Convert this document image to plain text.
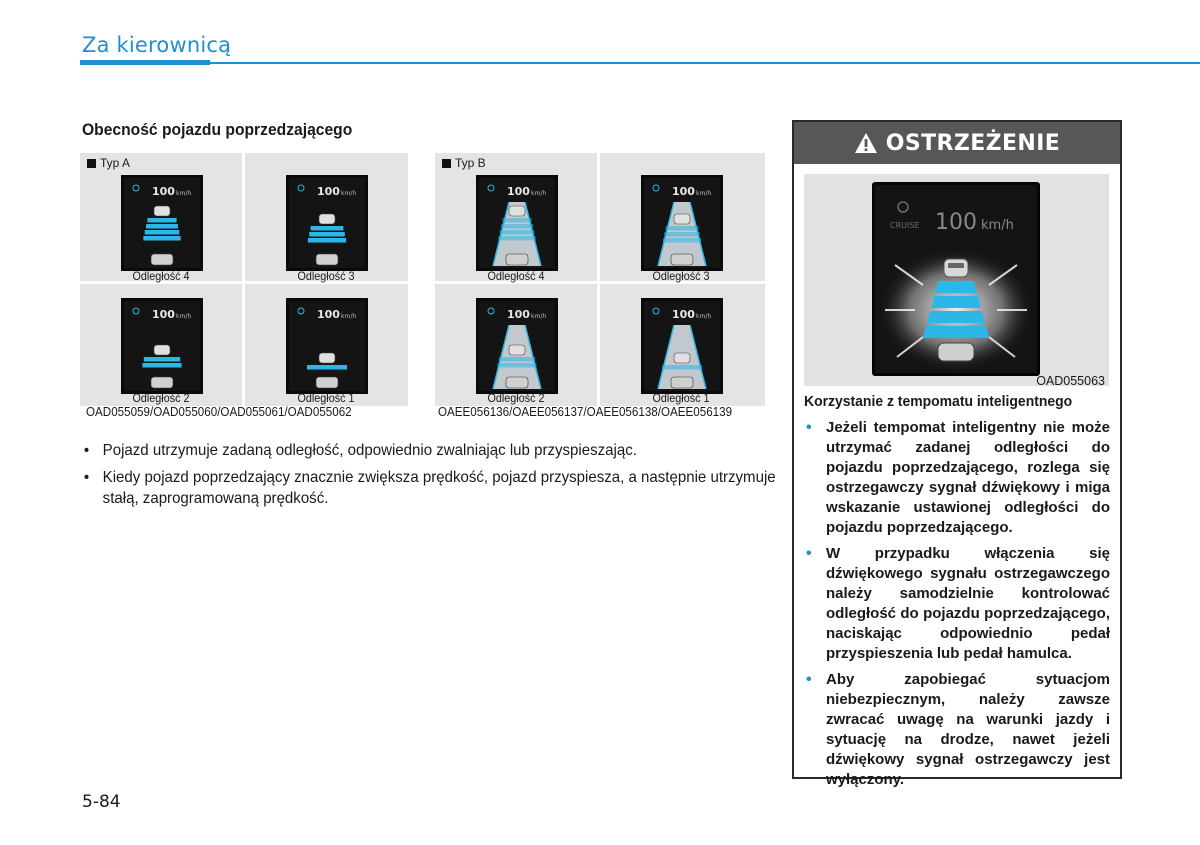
Za kierownicą
Obecność pojazdu poprzedzającego
Typ A
100 km/h	100 km/h
100 km/h	100 km/h
Odległość 4	Odległość 3
Odległość 2	Odległość 1
OAD055059/OAD055060/OAD055061/OAD055062
Typ B
100 km/h	100 km/h
100 km/h	100 km/h
Odległość 4	Odległość 3
Odległość 2	Odległość 1
OAEE056136/OAEE056137/OAEE056138/OAEE056139
• Pojazd utrzymuje zadaną odległość, odpowiednio zwalniając lub przyspieszając.
• Kiedy pojazd poprzedzający znacznie zwiększa prędkość, pojazd przyspiesza, a następnie utrzymuje stałą, zaprogramowaną prędkość.
OSTRZEŻENIE
CRUISE 100 km/h
OAD055063
Korzystanie z tempomatu inteligentnego
• Jeżeli tempomat inteligentny nie może utrzymać zadanej odległości do pojazdu poprzedzającego, rozlega się ostrzegawczy sygnał dźwiękowy i miga wskazanie ustawionej odległości do pojazdu poprzedzającego.
• W przypadku włączenia się dźwiękowego sygnału ostrzegawczego należy samodzielnie kontrolować odległość do pojazdu poprzedzającego, naciskając odpowiednio pedał przyspieszenia lub pedał hamulca.
• Aby zapobiegać sytuacjom niebezpiecznym, należy zawsze zwracać uwagę na warunki jazdy i sytuację na drodze, nawet jeżeli dźwiękowy sygnał ostrzegawczy jest wyłączony.
5-84
